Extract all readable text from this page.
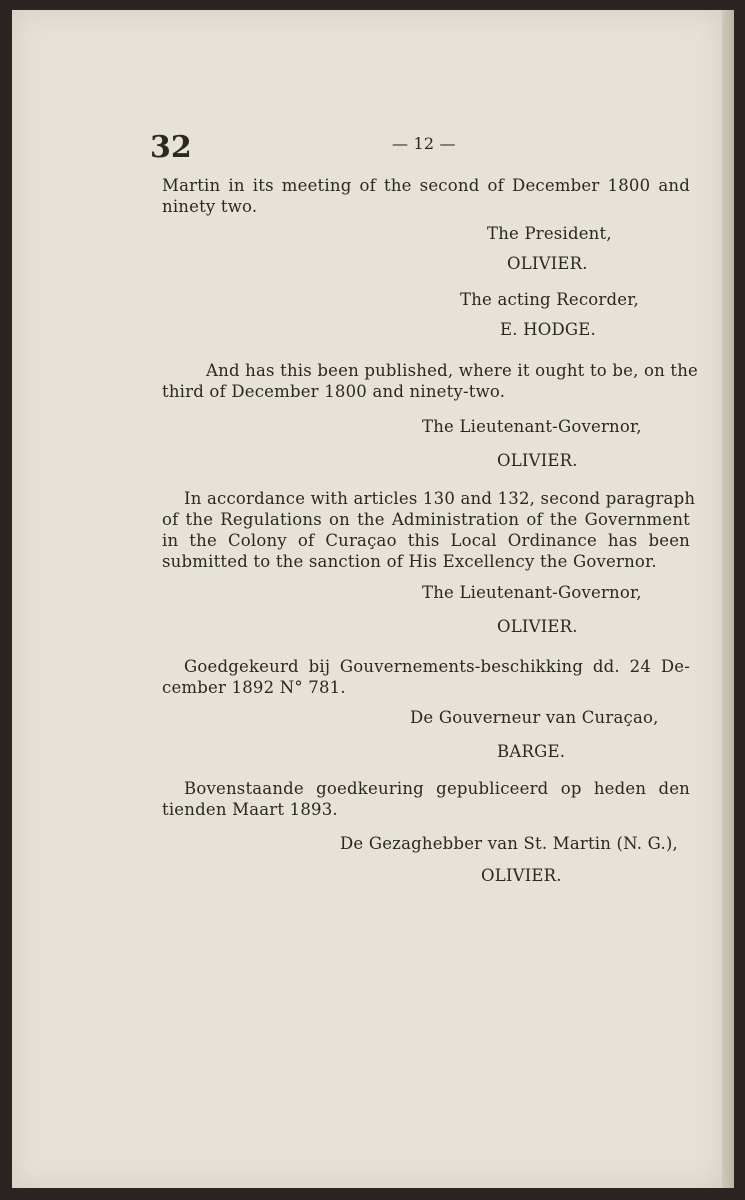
32	— 12 —
Martin in its meeting of the second of December 1800 and
ninety two.
The President,
OLIVIER.
The acting Recorder,
E. HODGE.
And has this been published, where it ought to be, on the
third of December 1800 and ninety-two.
The Lieutenant-Governor,
OLIVIER.
In accordance with articles 130 and 132, second paragraph
of the Regulations on the Administration of the Government
in the Colony of Curaçao this Local Ordinance has been
submitted to the sanction of His Excellency the Governor.
The Lieutenant-Governor,
OLIVIER.
Goedgekeurd bij Gouvernements-beschikking dd. 24 De-
cember 1892 N° 781.
De Gouverneur van Curaçao,
BARGE.
Bovenstaande goedkeuring gepubliceerd op heden den
tienden Maart 1893.
De Gezaghebber van St. Martin (N. G.),
OLIVIER.
